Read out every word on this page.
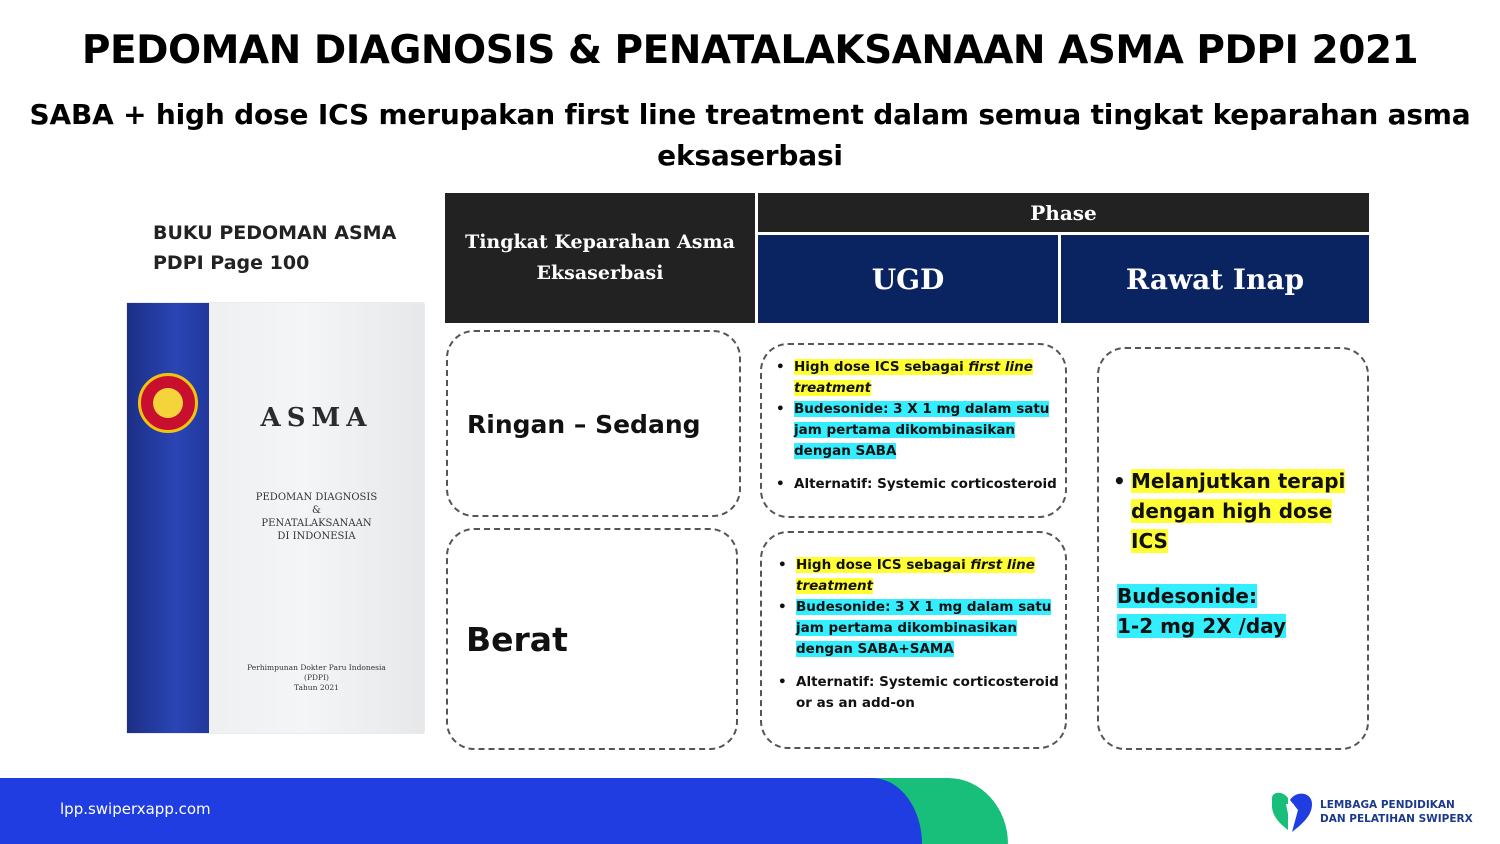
PEDOMAN DIAGNOSIS & PENATALAKSANAAN ASMA PDPI 2021
SABA + high dose ICS merupakan first line treatment dalam semua tingkat keparahan asma eksaserbasi
BUKU PEDOMAN ASMA
PDPI Page 100
ASMA
PEDOMAN DIAGNOSIS
&
PENATALAKSANAAN
DI INDONESIA
Perhimpunan Dokter Paru Indonesia
(PDPI)
Tahun 2021
Tingkat Keparahan Asma Eksaserbasi
Phase
UGD	Rawat Inap
Ringan – Sedang
• High dose ICS sebagai first line treatment
• Budesonide: 3 X 1 mg dalam satu jam pertama dikombinasikan dengan SABA
• Alternatif: Systemic corticosteroid
Berat
• High dose ICS sebagai first line treatment
• Budesonide: 3 X 1 mg dalam satu jam pertama dikombinasikan dengan SABA+SAMA
• Alternatif: Systemic corticosteroid or as an add-on
• Melanjutkan terapi dengan high dose ICS
Budesonide:
1-2 mg 2X /day
lpp.swiperxapp.com	LEMBAGA PENDIDIKAN
DAN PELATIHAN SWIPERX
